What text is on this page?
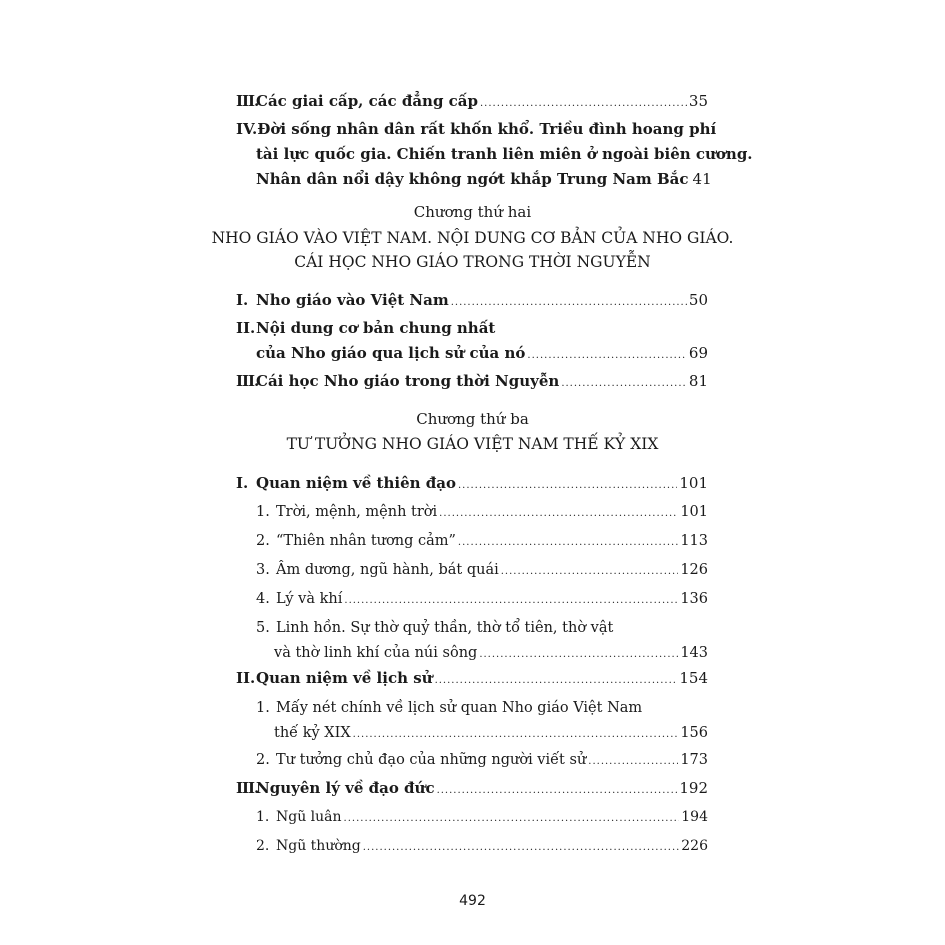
III.Các giai cấp, các đẳng cấp .....	35
IV.Đời sống nhân dân rất khốn khổ. Triều đình hoang phí
tài lực quốc gia. Chiến tranh liên miên ở ngoài biên cương.
Nhân dân nổi dậy không ngớt khắp Trung Nam Bắc 41
Chương thứ hai
NHO GIÁO VÀO VIỆT NAM. NỘI DUNG CƠ BẢN CỦA NHO GIÁO.
CÁI HỌC NHO GIÁO TRONG THỜI NGUYỄN
I. Nho giáo vào Việt Nam .....	50
II.Nội dung cơ bản chung nhất
của Nho giáo qua lịch sử của nó .....	69
III.Cái học Nho giáo trong thời Nguyễn .....	81
Chương thứ ba
TƯ TƯỞNG NHO GIÁO VIỆT NAM THẾ KỶ XIX
I. Quan niệm về thiên đạo .....	101
1. Trời, mệnh, mệnh trời .....	101
2. “Thiên nhân tương cảm” .....	113
3. Âm dương, ngũ hành, bát quái .....	126
4. Lý và khí .....	136
5. Linh hồn. Sự thờ quỷ thần, thờ tổ tiên, thờ vật
và thờ linh khí của núi sông .....	143
II.Quan niệm về lịch sử .....	154
1. Mấy nét chính về lịch sử quan Nho giáo Việt Nam
thế kỷ XIX .....	156
2. Tư tưởng chủ đạo của những người viết sử .....	173
III.Nguyên lý về đạo đức .....	192
1. Ngũ luân .....	194
2. Ngũ thường .....	226
492
